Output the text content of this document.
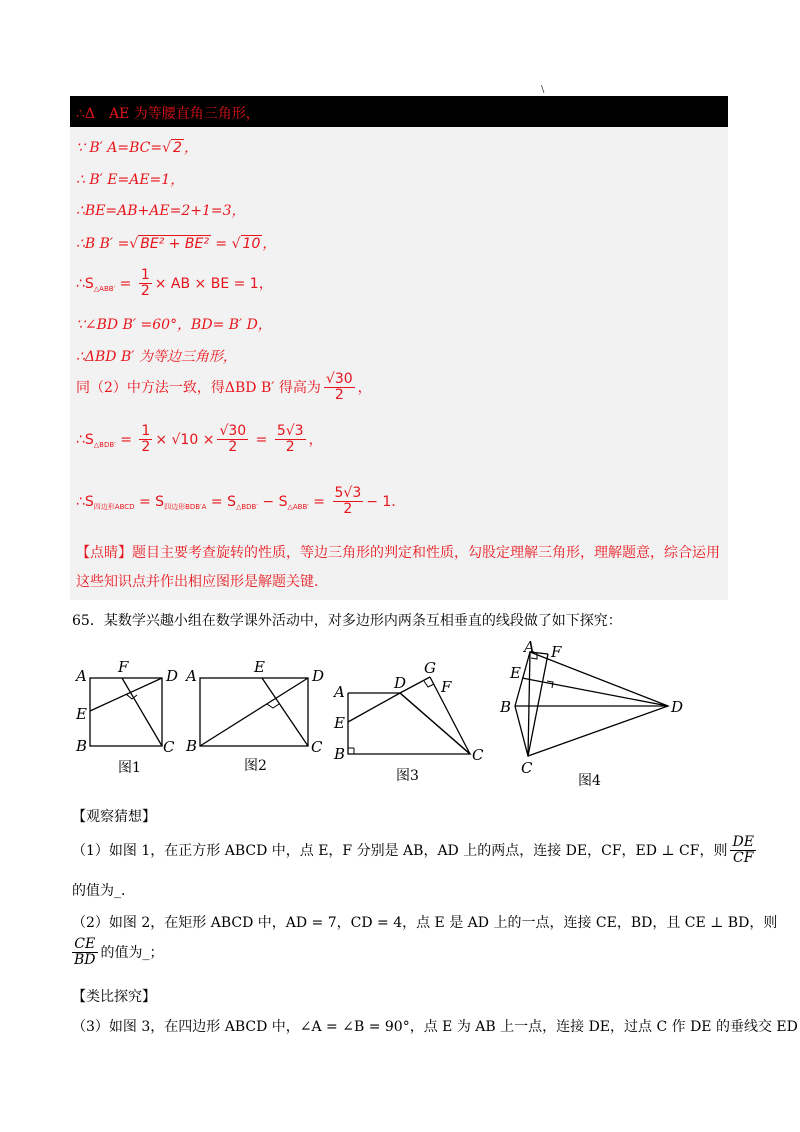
\
∴Δ　AE 为等腰直角三角形，
∵ B′ A=BC=√ 2 ，
∴ B′ E=AE=1，
∴BE=AB+AE=2+1=3，
∴B B′ =√ BE² + BE² = √ 10 ，
$\therefore S_{\triangle ABB'} = \frac{1}{2}$ × AB × BE = 1，
∵∠BD B′ =60°，BD= B′ D，
∴ΔBD B′ 为等边三角形，
同（2）中方法一致，得ΔBD B′ 得高为 $\frac{√30}{2}$ ，
$\therefore S_{\triangle BDB'} = \frac{1}{2} \times √10 \times \frac{√30}{2} = \frac{5√3}{2}$ ，
$\therefore S_{四边形ABCD} = S_{四边形BDB'A} = S_{\triangle BDB'} - S_{\triangle ABB'} = \frac{5√3}{2} - 1$．
【点睛】题目主要考查旋转的性质，等边三角形的判定和性质，勾股定理解三角形，理解题意，综合运用这些知识点并作出相应图形是解题关键．
65．某数学兴趣小组在数学课外活动中，对多边形内两条互相垂直的线段做了如下探究：
A
E
B
F	D
C
图1
A	E	D
B	C
图2
A
E
B
D
G
F
C
图3
A F
E
B	D
C
图4
【观察猜想】
（1）如图 1，在正方形 ABCD 中，点 E，F 分别是 AB，AD 上的两点，连接 DE，CF，ED ⊥ CF，则 $\frac{DE}{CF}$
的值为_．
（2）如图 2，在矩形 ABCD 中，AD = 7，CD = 4，点 E 是 AD 上的一点，连接 CE，BD，且 CE ⊥ BD，则
$\frac{CE}{BD}$ 的值为_；
【类比探究】
（3）如图 3，在四边形 ABCD 中，∠A = ∠B = 90°，点 E 为 AB 上一点，连接 DE，过点 C 作 DE 的垂线交 ED
